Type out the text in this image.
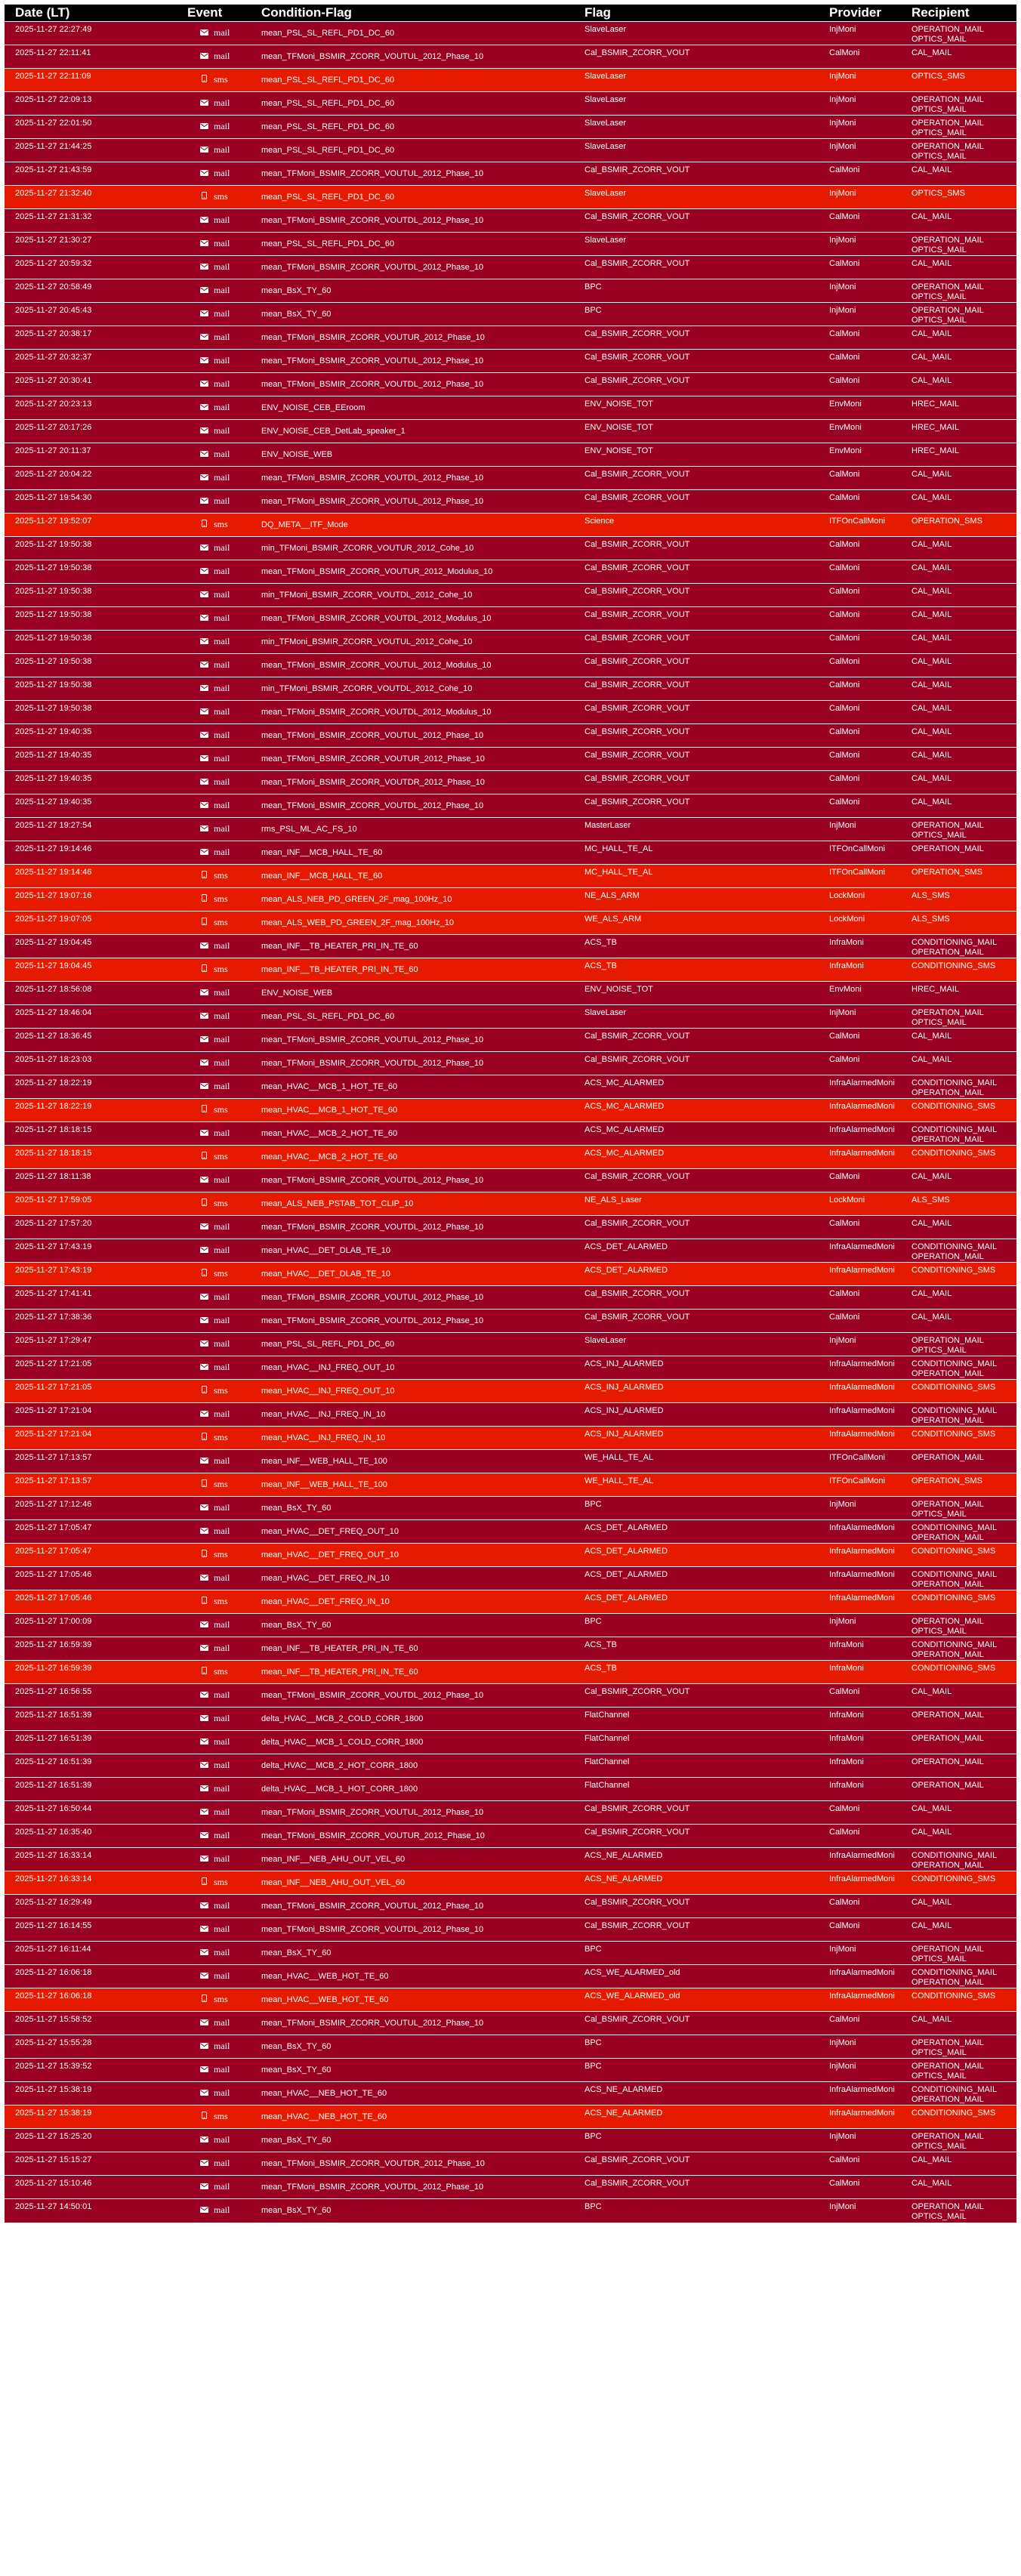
Date (LT)	Event	Condition-Flag	Flag	Provider	Recipient
2025-11-27 22:27:49	mail	mean_PSL_SL_REFL_PD1_DC_60	SlaveLaser	InjMoni	OPERATION_MAIL OPTICS_MAIL
2025-11-27 22:11:41	mail	mean_TFMoni_BSMIR_ZCORR_VOUTUL_2012_Phase_10	Cal_BSMIR_ZCORR_VOUT	CalMoni	CAL_MAIL
2025-11-27 22:11:09	sms	mean_PSL_SL_REFL_PD1_DC_60	SlaveLaser	InjMoni	OPTICS_SMS
2025-11-27 22:09:13	mail	mean_PSL_SL_REFL_PD1_DC_60	SlaveLaser	InjMoni	OPERATION_MAIL OPTICS_MAIL
2025-11-27 22:01:50	mail	mean_PSL_SL_REFL_PD1_DC_60	SlaveLaser	InjMoni	OPERATION_MAIL OPTICS_MAIL
2025-11-27 21:44:25	mail	mean_PSL_SL_REFL_PD1_DC_60	SlaveLaser	InjMoni	OPERATION_MAIL OPTICS_MAIL
2025-11-27 21:43:59	mail	mean_TFMoni_BSMIR_ZCORR_VOUTUL_2012_Phase_10	Cal_BSMIR_ZCORR_VOUT	CalMoni	CAL_MAIL
2025-11-27 21:32:40	sms	mean_PSL_SL_REFL_PD1_DC_60	SlaveLaser	InjMoni	OPTICS_SMS
2025-11-27 21:31:32	mail	mean_TFMoni_BSMIR_ZCORR_VOUTDL_2012_Phase_10	Cal_BSMIR_ZCORR_VOUT	CalMoni	CAL_MAIL
2025-11-27 21:30:27	mail	mean_PSL_SL_REFL_PD1_DC_60	SlaveLaser	InjMoni	OPERATION_MAIL OPTICS_MAIL
2025-11-27 20:59:32	mail	mean_TFMoni_BSMIR_ZCORR_VOUTDL_2012_Phase_10	Cal_BSMIR_ZCORR_VOUT	CalMoni	CAL_MAIL
2025-11-27 20:58:49	mail	mean_BsX_TY_60	BPC	InjMoni	OPERATION_MAIL OPTICS_MAIL
2025-11-27 20:45:43	mail	mean_BsX_TY_60	BPC	InjMoni	OPERATION_MAIL OPTICS_MAIL
2025-11-27 20:38:17	mail	mean_TFMoni_BSMIR_ZCORR_VOUTUR_2012_Phase_10	Cal_BSMIR_ZCORR_VOUT	CalMoni	CAL_MAIL
2025-11-27 20:32:37	mail	mean_TFMoni_BSMIR_ZCORR_VOUTUL_2012_Phase_10	Cal_BSMIR_ZCORR_VOUT	CalMoni	CAL_MAIL
2025-11-27 20:30:41	mail	mean_TFMoni_BSMIR_ZCORR_VOUTDL_2012_Phase_10	Cal_BSMIR_ZCORR_VOUT	CalMoni	CAL_MAIL
2025-11-27 20:23:13	mail	ENV_NOISE_CEB_EEroom	ENV_NOISE_TOT	EnvMoni	HREC_MAIL
2025-11-27 20:17:26	mail	ENV_NOISE_CEB_DetLab_speaker_1	ENV_NOISE_TOT	EnvMoni	HREC_MAIL
2025-11-27 20:11:37	mail	ENV_NOISE_WEB	ENV_NOISE_TOT	EnvMoni	HREC_MAIL
2025-11-27 20:04:22	mail	mean_TFMoni_BSMIR_ZCORR_VOUTDL_2012_Phase_10	Cal_BSMIR_ZCORR_VOUT	CalMoni	CAL_MAIL
2025-11-27 19:54:30	mail	mean_TFMoni_BSMIR_ZCORR_VOUTUL_2012_Phase_10	Cal_BSMIR_ZCORR_VOUT	CalMoni	CAL_MAIL
2025-11-27 19:52:07	sms	DQ_META__ITF_Mode	Science	ITFOnCallMoni	OPERATION_SMS
2025-11-27 19:50:38	mail	min_TFMoni_BSMIR_ZCORR_VOUTUR_2012_Cohe_10	Cal_BSMIR_ZCORR_VOUT	CalMoni	CAL_MAIL
2025-11-27 19:50:38	mail	mean_TFMoni_BSMIR_ZCORR_VOUTUR_2012_Modulus_10	Cal_BSMIR_ZCORR_VOUT	CalMoni	CAL_MAIL
2025-11-27 19:50:38	mail	min_TFMoni_BSMIR_ZCORR_VOUTDL_2012_Cohe_10	Cal_BSMIR_ZCORR_VOUT	CalMoni	CAL_MAIL
2025-11-27 19:50:38	mail	mean_TFMoni_BSMIR_ZCORR_VOUTDL_2012_Modulus_10	Cal_BSMIR_ZCORR_VOUT	CalMoni	CAL_MAIL
2025-11-27 19:50:38	mail	min_TFMoni_BSMIR_ZCORR_VOUTUL_2012_Cohe_10	Cal_BSMIR_ZCORR_VOUT	CalMoni	CAL_MAIL
2025-11-27 19:50:38	mail	mean_TFMoni_BSMIR_ZCORR_VOUTUL_2012_Modulus_10	Cal_BSMIR_ZCORR_VOUT	CalMoni	CAL_MAIL
2025-11-27 19:50:38	mail	min_TFMoni_BSMIR_ZCORR_VOUTDL_2012_Cohe_10	Cal_BSMIR_ZCORR_VOUT	CalMoni	CAL_MAIL
2025-11-27 19:50:38	mail	mean_TFMoni_BSMIR_ZCORR_VOUTDL_2012_Modulus_10	Cal_BSMIR_ZCORR_VOUT	CalMoni	CAL_MAIL
2025-11-27 19:40:35	mail	mean_TFMoni_BSMIR_ZCORR_VOUTUL_2012_Phase_10	Cal_BSMIR_ZCORR_VOUT	CalMoni	CAL_MAIL
2025-11-27 19:40:35	mail	mean_TFMoni_BSMIR_ZCORR_VOUTUR_2012_Phase_10	Cal_BSMIR_ZCORR_VOUT	CalMoni	CAL_MAIL
2025-11-27 19:40:35	mail	mean_TFMoni_BSMIR_ZCORR_VOUTDR_2012_Phase_10	Cal_BSMIR_ZCORR_VOUT	CalMoni	CAL_MAIL
2025-11-27 19:40:35	mail	mean_TFMoni_BSMIR_ZCORR_VOUTDL_2012_Phase_10	Cal_BSMIR_ZCORR_VOUT	CalMoni	CAL_MAIL
2025-11-27 19:27:54	mail	rms_PSL_ML_AC_FS_10	MasterLaser	InjMoni	OPERATION_MAIL OPTICS_MAIL
2025-11-27 19:14:46	mail	mean_INF__MCB_HALL_TE_60	MC_HALL_TE_AL	ITFOnCallMoni	OPERATION_MAIL
2025-11-27 19:14:46	sms	mean_INF__MCB_HALL_TE_60	MC_HALL_TE_AL	ITFOnCallMoni	OPERATION_SMS
2025-11-27 19:07:16	sms	mean_ALS_NEB_PD_GREEN_2F_mag_100Hz_10	NE_ALS_ARM	LockMoni	ALS_SMS
2025-11-27 19:07:05	sms	mean_ALS_WEB_PD_GREEN_2F_mag_100Hz_10	WE_ALS_ARM	LockMoni	ALS_SMS
2025-11-27 19:04:45	mail	mean_INF__TB_HEATER_PRI_IN_TE_60	ACS_TB	InfraMoni	CONDITIONING_MAIL OPERATION_MAIL
2025-11-27 19:04:45	sms	mean_INF__TB_HEATER_PRI_IN_TE_60	ACS_TB	InfraMoni	CONDITIONING_SMS
2025-11-27 18:56:08	mail	ENV_NOISE_WEB	ENV_NOISE_TOT	EnvMoni	HREC_MAIL
2025-11-27 18:46:04	mail	mean_PSL_SL_REFL_PD1_DC_60	SlaveLaser	InjMoni	OPERATION_MAIL OPTICS_MAIL
2025-11-27 18:36:45	mail	mean_TFMoni_BSMIR_ZCORR_VOUTUL_2012_Phase_10	Cal_BSMIR_ZCORR_VOUT	CalMoni	CAL_MAIL
2025-11-27 18:23:03	mail	mean_TFMoni_BSMIR_ZCORR_VOUTDL_2012_Phase_10	Cal_BSMIR_ZCORR_VOUT	CalMoni	CAL_MAIL
2025-11-27 18:22:19	mail	mean_HVAC__MCB_1_HOT_TE_60	ACS_MC_ALARMED	InfraAlarmedMoni	CONDITIONING_MAIL OPERATION_MAIL
2025-11-27 18:22:19	sms	mean_HVAC__MCB_1_HOT_TE_60	ACS_MC_ALARMED	InfraAlarmedMoni	CONDITIONING_SMS
2025-11-27 18:18:15	mail	mean_HVAC__MCB_2_HOT_TE_60	ACS_MC_ALARMED	InfraAlarmedMoni	CONDITIONING_MAIL OPERATION_MAIL
2025-11-27 18:18:15	sms	mean_HVAC__MCB_2_HOT_TE_60	ACS_MC_ALARMED	InfraAlarmedMoni	CONDITIONING_SMS
2025-11-27 18:11:38	mail	mean_TFMoni_BSMIR_ZCORR_VOUTDL_2012_Phase_10	Cal_BSMIR_ZCORR_VOUT	CalMoni	CAL_MAIL
2025-11-27 17:59:05	sms	mean_ALS_NEB_PSTAB_TOT_CLIP_10	NE_ALS_Laser	LockMoni	ALS_SMS
2025-11-27 17:57:20	mail	mean_TFMoni_BSMIR_ZCORR_VOUTDL_2012_Phase_10	Cal_BSMIR_ZCORR_VOUT	CalMoni	CAL_MAIL
2025-11-27 17:43:19	mail	mean_HVAC__DET_DLAB_TE_10	ACS_DET_ALARMED	InfraAlarmedMoni	CONDITIONING_MAIL OPERATION_MAIL
2025-11-27 17:43:19	sms	mean_HVAC__DET_DLAB_TE_10	ACS_DET_ALARMED	InfraAlarmedMoni	CONDITIONING_SMS
2025-11-27 17:41:41	mail	mean_TFMoni_BSMIR_ZCORR_VOUTUL_2012_Phase_10	Cal_BSMIR_ZCORR_VOUT	CalMoni	CAL_MAIL
2025-11-27 17:38:36	mail	mean_TFMoni_BSMIR_ZCORR_VOUTDL_2012_Phase_10	Cal_BSMIR_ZCORR_VOUT	CalMoni	CAL_MAIL
2025-11-27 17:29:47	mail	mean_PSL_SL_REFL_PD1_DC_60	SlaveLaser	InjMoni	OPERATION_MAIL OPTICS_MAIL
2025-11-27 17:21:05	mail	mean_HVAC__INJ_FREQ_OUT_10	ACS_INJ_ALARMED	InfraAlarmedMoni	CONDITIONING_MAIL OPERATION_MAIL
2025-11-27 17:21:05	sms	mean_HVAC__INJ_FREQ_OUT_10	ACS_INJ_ALARMED	InfraAlarmedMoni	CONDITIONING_SMS
2025-11-27 17:21:04	mail	mean_HVAC__INJ_FREQ_IN_10	ACS_INJ_ALARMED	InfraAlarmedMoni	CONDITIONING_MAIL OPERATION_MAIL
2025-11-27 17:21:04	sms	mean_HVAC__INJ_FREQ_IN_10	ACS_INJ_ALARMED	InfraAlarmedMoni	CONDITIONING_SMS
2025-11-27 17:13:57	mail	mean_INF__WEB_HALL_TE_100	WE_HALL_TE_AL	ITFOnCallMoni	OPERATION_MAIL
2025-11-27 17:13:57	sms	mean_INF__WEB_HALL_TE_100	WE_HALL_TE_AL	ITFOnCallMoni	OPERATION_SMS
2025-11-27 17:12:46	mail	mean_BsX_TY_60	BPC	InjMoni	OPERATION_MAIL OPTICS_MAIL
2025-11-27 17:05:47	mail	mean_HVAC__DET_FREQ_OUT_10	ACS_DET_ALARMED	InfraAlarmedMoni	CONDITIONING_MAIL OPERATION_MAIL
2025-11-27 17:05:47	sms	mean_HVAC__DET_FREQ_OUT_10	ACS_DET_ALARMED	InfraAlarmedMoni	CONDITIONING_SMS
2025-11-27 17:05:46	mail	mean_HVAC__DET_FREQ_IN_10	ACS_DET_ALARMED	InfraAlarmedMoni	CONDITIONING_MAIL OPERATION_MAIL
2025-11-27 17:05:46	sms	mean_HVAC__DET_FREQ_IN_10	ACS_DET_ALARMED	InfraAlarmedMoni	CONDITIONING_SMS
2025-11-27 17:00:09	mail	mean_BsX_TY_60	BPC	InjMoni	OPERATION_MAIL OPTICS_MAIL
2025-11-27 16:59:39	mail	mean_INF__TB_HEATER_PRI_IN_TE_60	ACS_TB	InfraMoni	CONDITIONING_MAIL OPERATION_MAIL
2025-11-27 16:59:39	sms	mean_INF__TB_HEATER_PRI_IN_TE_60	ACS_TB	InfraMoni	CONDITIONING_SMS
2025-11-27 16:56:55	mail	mean_TFMoni_BSMIR_ZCORR_VOUTDL_2012_Phase_10	Cal_BSMIR_ZCORR_VOUT	CalMoni	CAL_MAIL
2025-11-27 16:51:39	mail	delta_HVAC__MCB_2_COLD_CORR_1800	FlatChannel	InfraMoni	OPERATION_MAIL
2025-11-27 16:51:39	mail	delta_HVAC__MCB_1_COLD_CORR_1800	FlatChannel	InfraMoni	OPERATION_MAIL
2025-11-27 16:51:39	mail	delta_HVAC__MCB_2_HOT_CORR_1800	FlatChannel	InfraMoni	OPERATION_MAIL
2025-11-27 16:51:39	mail	delta_HVAC__MCB_1_HOT_CORR_1800	FlatChannel	InfraMoni	OPERATION_MAIL
2025-11-27 16:50:44	mail	mean_TFMoni_BSMIR_ZCORR_VOUTUL_2012_Phase_10	Cal_BSMIR_ZCORR_VOUT	CalMoni	CAL_MAIL
2025-11-27 16:35:40	mail	mean_TFMoni_BSMIR_ZCORR_VOUTUR_2012_Phase_10	Cal_BSMIR_ZCORR_VOUT	CalMoni	CAL_MAIL
2025-11-27 16:33:14	mail	mean_INF__NEB_AHU_OUT_VEL_60	ACS_NE_ALARMED	InfraAlarmedMoni	CONDITIONING_MAIL OPERATION_MAIL
2025-11-27 16:33:14	sms	mean_INF__NEB_AHU_OUT_VEL_60	ACS_NE_ALARMED	InfraAlarmedMoni	CONDITIONING_SMS
2025-11-27 16:29:49	mail	mean_TFMoni_BSMIR_ZCORR_VOUTUL_2012_Phase_10	Cal_BSMIR_ZCORR_VOUT	CalMoni	CAL_MAIL
2025-11-27 16:14:55	mail	mean_TFMoni_BSMIR_ZCORR_VOUTDL_2012_Phase_10	Cal_BSMIR_ZCORR_VOUT	CalMoni	CAL_MAIL
2025-11-27 16:11:44	mail	mean_BsX_TY_60	BPC	InjMoni	OPERATION_MAIL OPTICS_MAIL
2025-11-27 16:06:18	mail	mean_HVAC__WEB_HOT_TE_60	ACS_WE_ALARMED_old	InfraAlarmedMoni	CONDITIONING_MAIL OPERATION_MAIL
2025-11-27 16:06:18	sms	mean_HVAC__WEB_HOT_TE_60	ACS_WE_ALARMED_old	InfraAlarmedMoni	CONDITIONING_SMS
2025-11-27 15:58:52	mail	mean_TFMoni_BSMIR_ZCORR_VOUTUL_2012_Phase_10	Cal_BSMIR_ZCORR_VOUT	CalMoni	CAL_MAIL
2025-11-27 15:55:28	mail	mean_BsX_TY_60	BPC	InjMoni	OPERATION_MAIL OPTICS_MAIL
2025-11-27 15:39:52	mail	mean_BsX_TY_60	BPC	InjMoni	OPERATION_MAIL OPTICS_MAIL
2025-11-27 15:38:19	mail	mean_HVAC__NEB_HOT_TE_60	ACS_NE_ALARMED	InfraAlarmedMoni	CONDITIONING_MAIL OPERATION_MAIL
2025-11-27 15:38:19	sms	mean_HVAC__NEB_HOT_TE_60	ACS_NE_ALARMED	InfraAlarmedMoni	CONDITIONING_SMS
2025-11-27 15:25:20	mail	mean_BsX_TY_60	BPC	InjMoni	OPERATION_MAIL OPTICS_MAIL
2025-11-27 15:15:27	mail	mean_TFMoni_BSMIR_ZCORR_VOUTDR_2012_Phase_10	Cal_BSMIR_ZCORR_VOUT	CalMoni	CAL_MAIL
2025-11-27 15:10:46	mail	mean_TFMoni_BSMIR_ZCORR_VOUTDL_2012_Phase_10	Cal_BSMIR_ZCORR_VOUT	CalMoni	CAL_MAIL
2025-11-27 14:50:01	mail	mean_BsX_TY_60	BPC	InjMoni	OPERATION_MAIL OPTICS_MAIL
